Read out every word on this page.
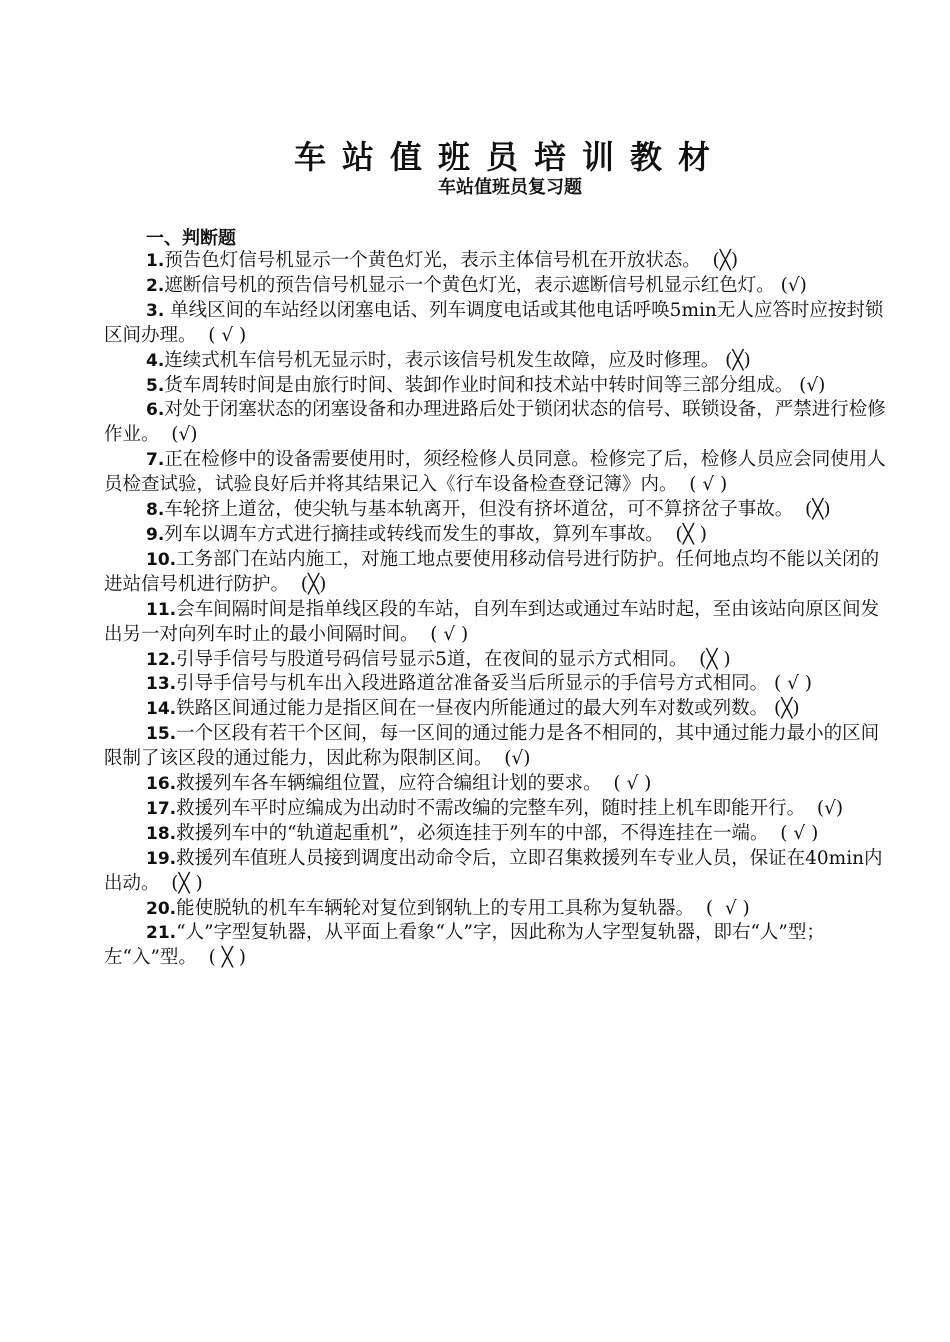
车站值班员培训教材
车站值班员复习题
一、判断题

1.预告色灯信号机显示一个黄色灯光，表示主体信号机在开放状态。  (╳)

2.遮断信号机的预告信号机显示一个黄色灯光，表示遮断信号机显示红色灯。 (√)

3. 单线区间的车站经以闭塞电话、列车调度电话或其他电话呼唤5min无人应答时应按封锁区间办理。  ( √ )

4.连续式机车信号机无显示时，表示该信号机发生故障，应及时修理。 (╳)

5.货车周转时间是由旅行时间、装卸作业时间和技术站中转时间等三部分组成。 (√)

6.对处于闭塞状态的闭塞设备和办理进路后处于锁闭状态的信号、联锁设备，严禁进行检修作业。  (√)

7.正在检修中的设备需要使用时，须经检修人员同意。检修完了后，检修人员应会同使用人员检查试验，试验良好后并将其结果记入《行车设备检查登记簿》内。  ( √ )

8.车轮挤上道岔，使尖轨与基本轨离开，但没有挤坏道岔，可不算挤岔子事故。  (╳)

9.列车以调车方式进行摘挂或转线而发生的事故，算列车事故。  (╳ )

10.工务部门在站内施工，对施工地点要使用移动信号进行防护。任何地点均不能以关闭的进站信号机进行防护。  (╳)

11.会车间隔时间是指单线区段的车站，自列车到达或通过车站时起，至由该站向原区间发出另一对向列车时止的最小间隔时间。  ( √ )

12.引导手信号与股道号码信号显示5道，在夜间的显示方式相同。  (╳ )

13.引导手信号与机车出入段进路道岔准备妥当后所显示的手信号方式相同。 ( √ )

14.铁路区间通过能力是指区间在一昼夜内所能通过的最大列车对数或列数。 (╳)

15.一个区段有若干个区间，每一区间的通过能力是各不相同的，其中通过能力最小的区间限制了该区段的通过能力，因此称为限制区间。  (√)

16.救援列车各车辆编组位置，应符合编组计划的要求。  ( √ )

17.救援列车平时应编成为出动时不需改编的完整车列，随时挂上机车即能开行。  (√)

18.救援列车中的“轨道起重机”，必须连挂于列车的中部，不得连挂在一端。  ( √ )

19.救援列车值班人员接到调度出动命令后，立即召集救援列车专业人员，保证在40min内出动。  (╳ )

20.能使脱轨的机车车辆轮对复位到钢轨上的专用工具称为复轨器。  (  √ )

21.“人”字型复轨器，从平面上看象“人”字，因此称为人字型复轨器，即右“人”型；左“入”型。  ( ╳ )
